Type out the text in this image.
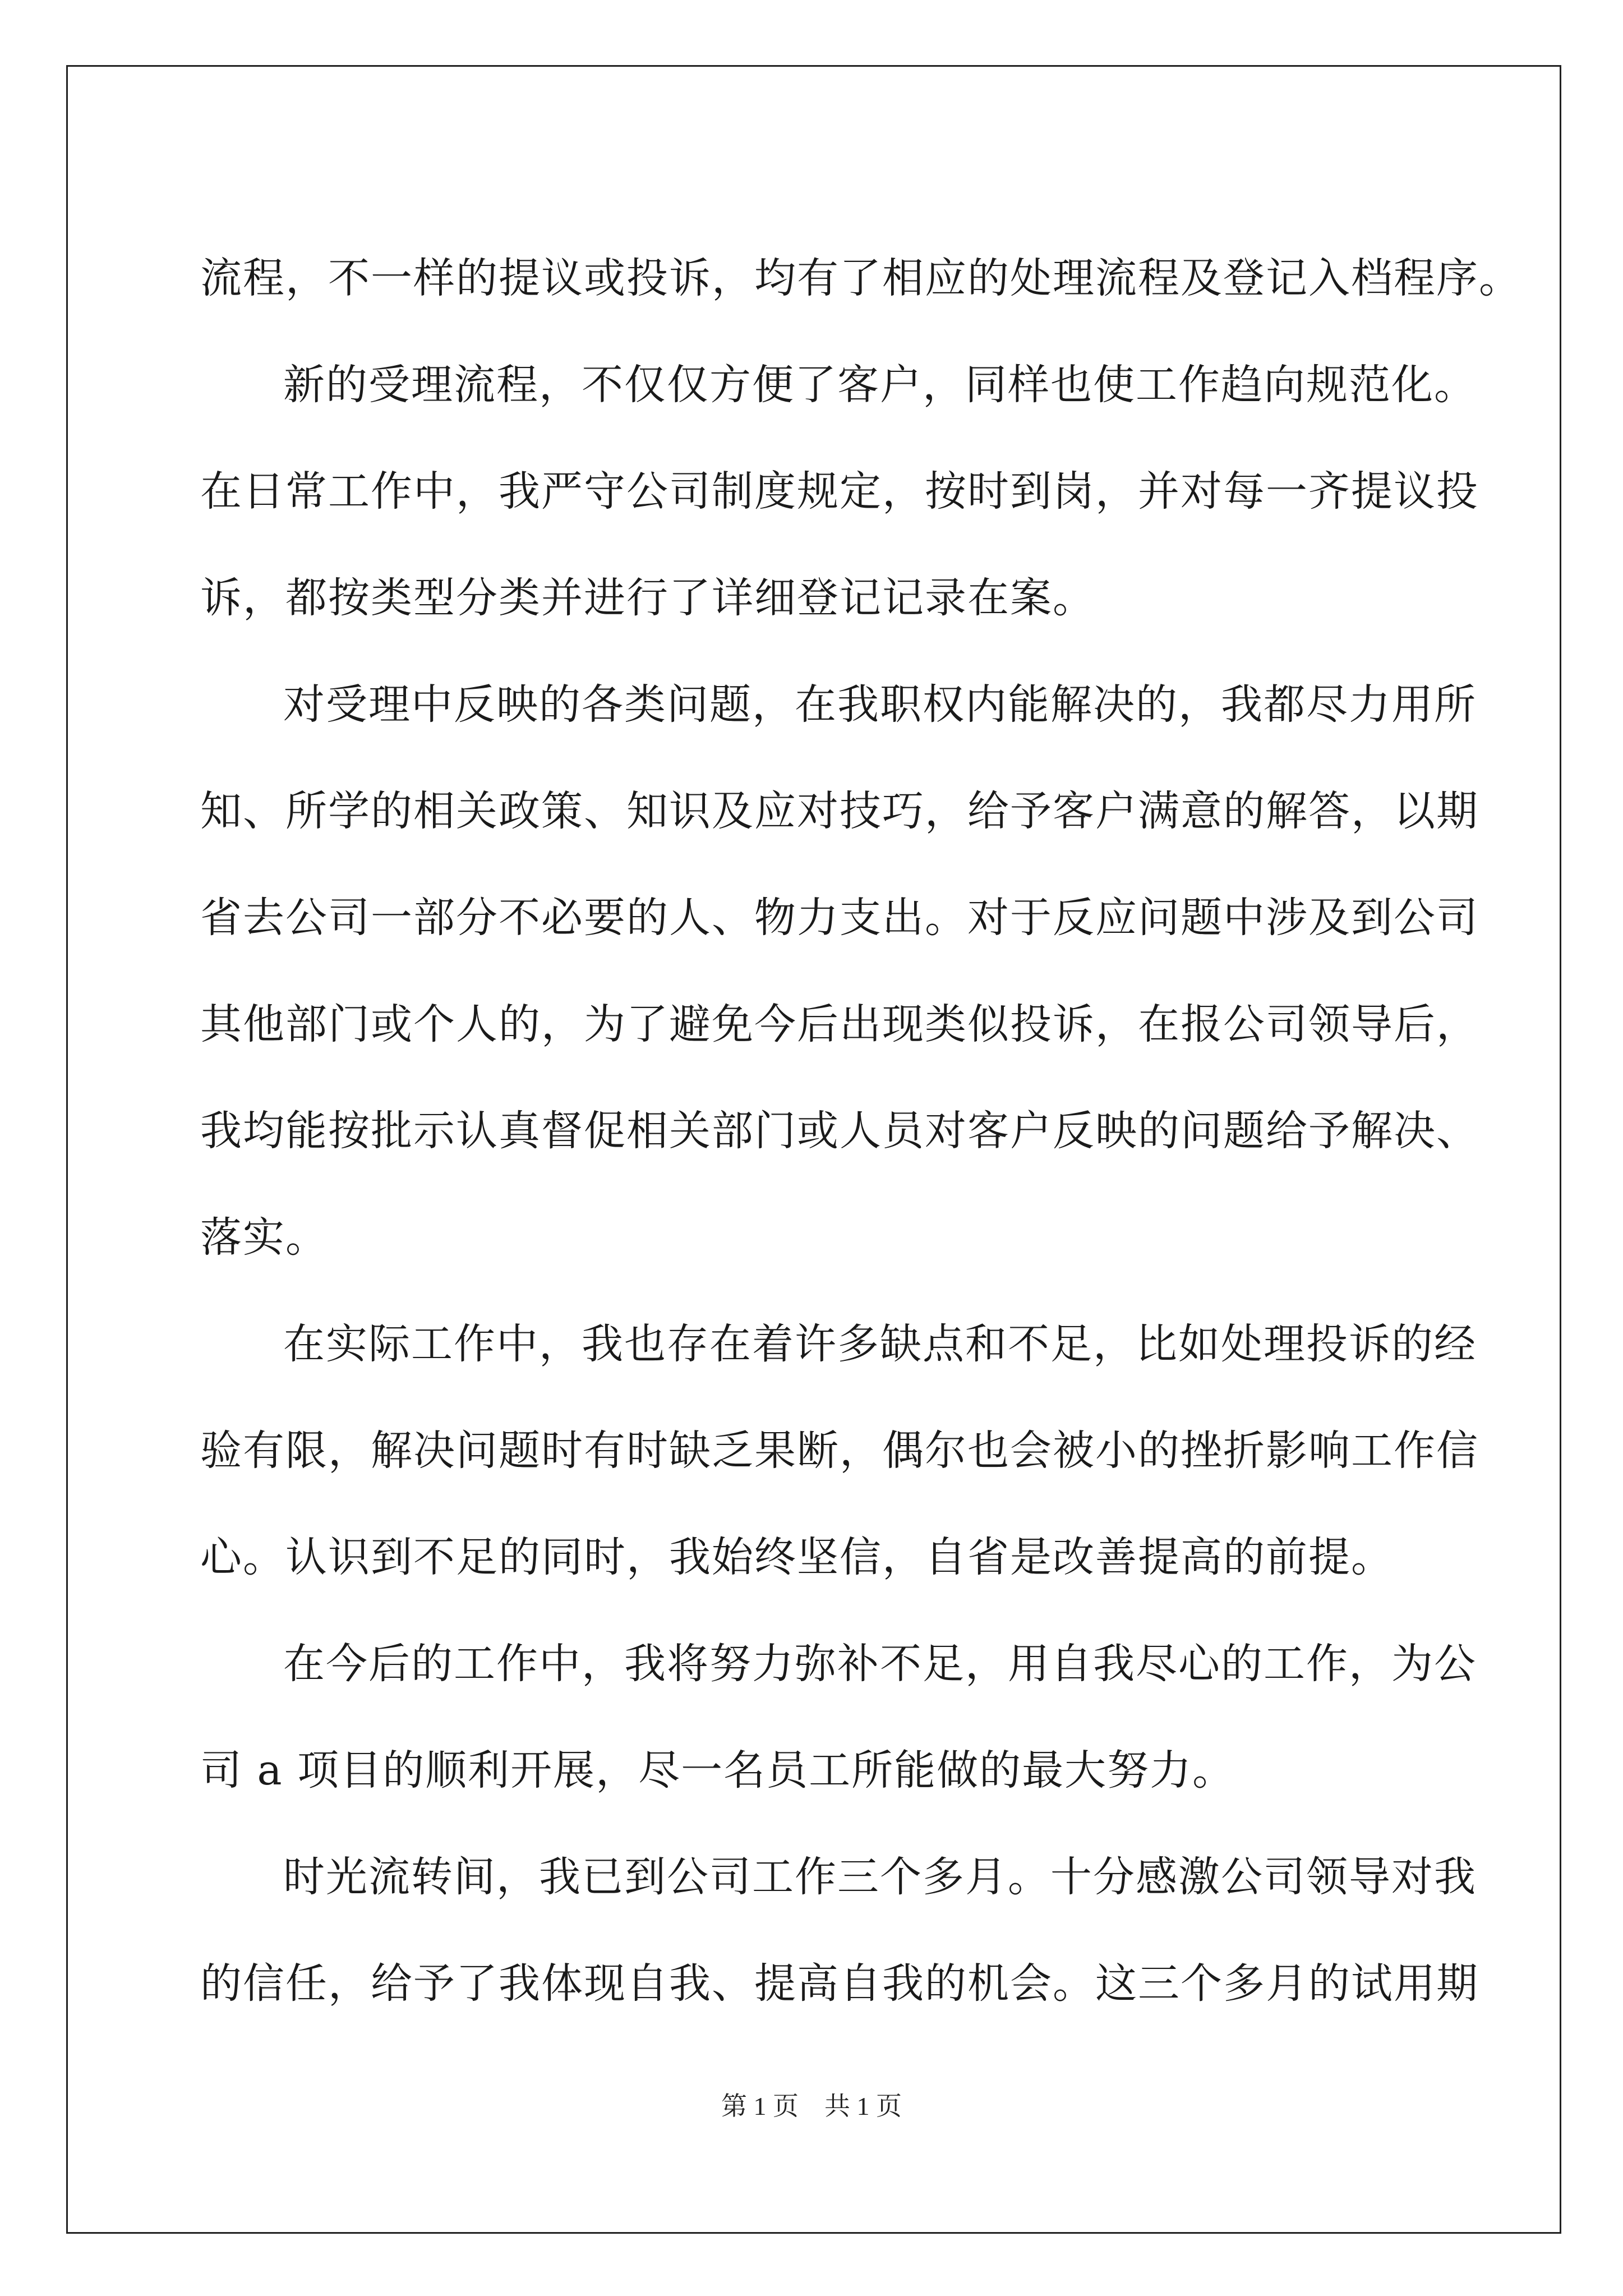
流程，不一样的提议或投诉，均有了相应的处理流程及登记入档程序。
新的受理流程，不仅仅方便了客户，同样也使工作趋向规范化。
在日常工作中，我严守公司制度规定，按时到岗，并对每一齐提议投
诉，都按类型分类并进行了详细登记记录在案。
对受理中反映的各类问题，在我职权内能解决的，我都尽力用所
知、所学的相关政策、知识及应对技巧，给予客户满意的解答，以期
省去公司一部分不必要的人、物力支出。对于反应问题中涉及到公司
其他部门或个人的，为了避免今后出现类似投诉，在报公司领导后，
我均能按批示认真督促相关部门或人员对客户反映的问题给予解决、
落实。
在实际工作中，我也存在着许多缺点和不足，比如处理投诉的经
验有限，解决问题时有时缺乏果断，偶尔也会被小的挫折影响工作信
心。认识到不足的同时，我始终坚信，自省是改善提高的前提。
在今后的工作中，我将努力弥补不足，用自我尽心的工作，为公
司 a 项目的顺利开展，尽一名员工所能做的最大努力。
时光流转间，我已到公司工作三个多月。十分感激公司领导对我
的信任，给予了我体现自我、提高自我的机会。这三个多月的试用期
第 1 页　共 1 页
